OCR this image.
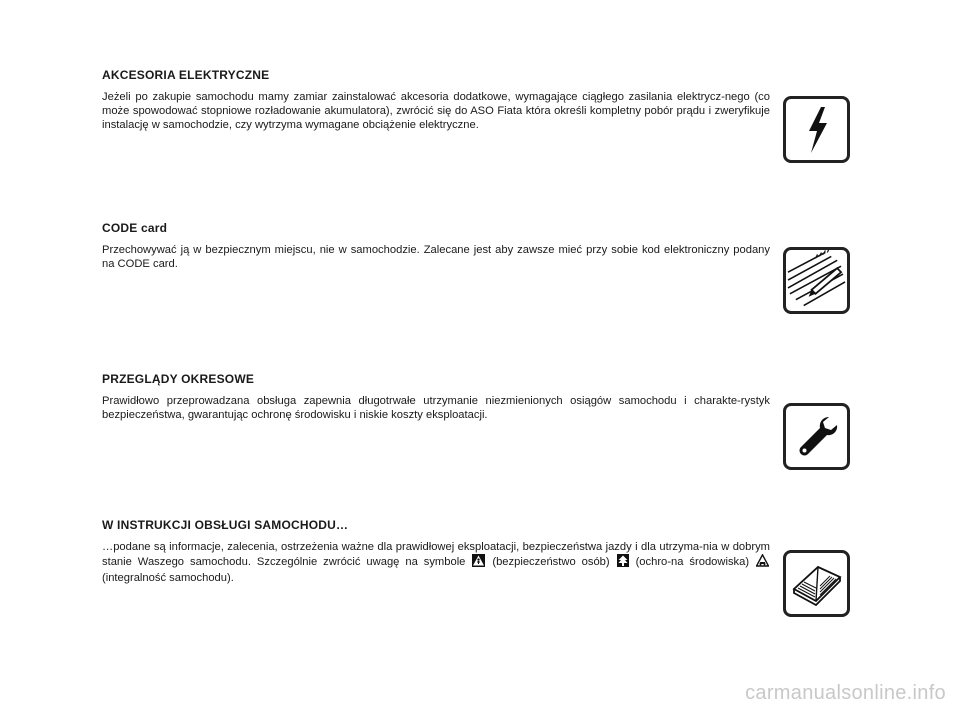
AKCESORIA ELEKTRYCZNE

Jeżeli po zakupie samochodu mamy zamiar zainstalować akcesoria dodatkowe, wymagające ciągłego zasilania elektrycz-nego (co może spowodować stopniowe rozładowanie akumulatora), zwrócić się do ASO Fiata która określi kompletny pobór prądu i zweryfikuje instalację w samochodzie, czy wytrzyma wymagane obciążenie elektryczne.

CODE card

Przechowywać ją w bezpiecznym miejscu, nie w samochodzie. Zalecane jest aby zawsze mieć przy sobie kod elektroniczny podany na CODE card.

PRZEGLĄDY OKRESOWE

Prawidłowo przeprowadzana obsługa zapewnia długotrwałe utrzymanie niezmienionych osiągów samochodu i charakte-rystyk bezpieczeństwa, gwarantując ochronę środowisku i niskie koszty eksploatacji.

W INSTRUKCJI OBSŁUGI SAMOCHODU…

…podane są informacje, zalecenia, ostrzeżenia ważne dla prawidłowej eksploatacji, bezpieczeństwa jazdy i dla utrzyma-nia w dobrym stanie Waszego samochodu. Szczególnie zwrócić uwagę na symbole (bezpieczeństwo osób) (ochro-na środowiska)  (integralność samochodu).

carmanualsonline.info
